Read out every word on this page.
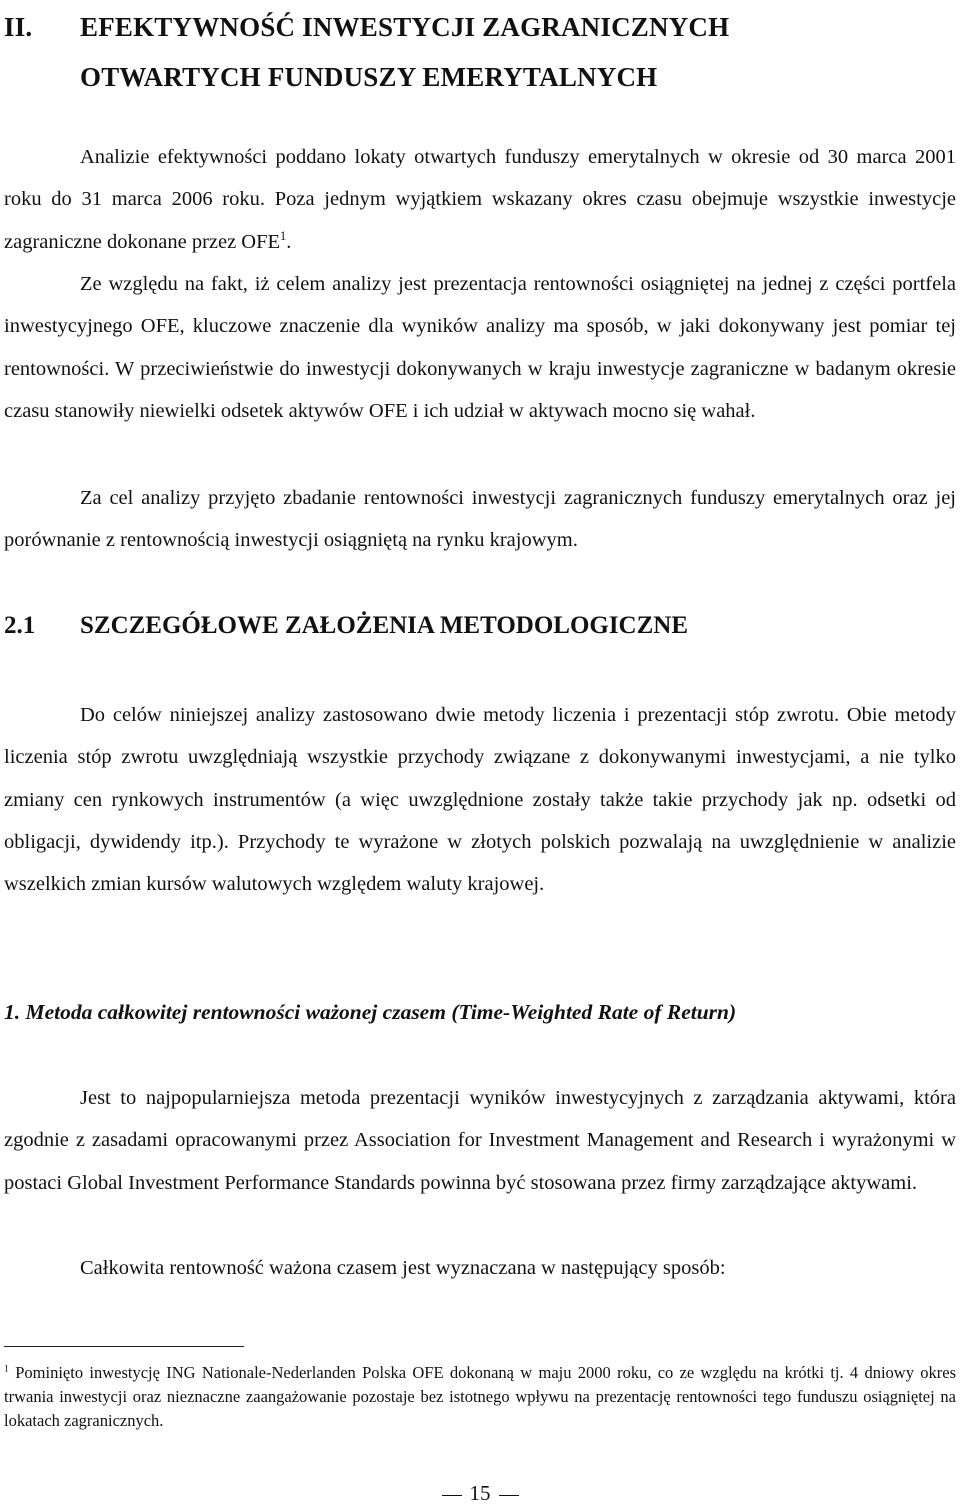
II. EFEKTYWNOŚĆ INWESTYCJI ZAGRANICZNYCH
OTWARTYCH FUNDUSZY EMERYTALNYCH

Analizie efektywności poddano lokaty otwartych funduszy emerytalnych w okresie od 30 marca 2001 roku do 31 marca 2006 roku. Poza jednym wyjątkiem wskazany okres czasu obejmuje wszystkie inwestycje zagraniczne dokonane przez OFE$^1$.

Ze względu na fakt, iż celem analizy jest prezentacja rentowności osiągniętej na jednej z części portfela inwestycyjnego OFE, kluczowe znaczenie dla wyników analizy ma sposób, w jaki dokonywany jest pomiar tej rentowności. W przeciwieństwie do inwestycji dokonywanych w kraju inwestycje zagraniczne w badanym okresie czasu stanowiły niewielki odsetek aktywów OFE i ich udział w aktywach mocno się wahał.

Za cel analizy przyjęto zbadanie rentowności inwestycji zagranicznych funduszy emerytalnych oraz jej porównanie z rentownością inwestycji osiągniętą na rynku krajowym.

2.1 SZCZEGÓŁOWE ZAŁOŻENIA METODOLOGICZNE

Do celów niniejszej analizy zastosowano dwie metody liczenia i prezentacji stóp zwrotu. Obie metody liczenia stóp zwrotu uwzględniają wszystkie przychody związane z dokonywanymi inwestycjami, a nie tylko zmiany cen rynkowych instrumentów (a więc uwzględnione zostały także takie przychody jak np. odsetki od obligacji, dywidendy itp.). Przychody te wyrażone w złotych polskich pozwalają na uwzględnienie w analizie wszelkich zmian kursów walutowych względem waluty krajowej.

1. Metoda całkowitej rentowności ważonej czasem (Time-Weighted Rate of Return)

Jest to najpopularniejsza metoda prezentacji wyników inwestycyjnych z zarządzania aktywami, która zgodnie z zasadami opracowanymi przez Association for Investment Management and Research i wyrażonymi w postaci Global Investment Performance Standards powinna być stosowana przez firmy zarządzające aktywami.

Całkowita rentowność ważona czasem jest wyznaczana w następujący sposób:

$^1$ Pominięto inwestycję ING Nationale-Nederlanden Polska OFE dokonaną w maju 2000 roku, co ze względu na krótki tj. 4 dniowy okres trwania inwestycji oraz nieznaczne zaangażowanie pozostaje bez istotnego wpływu na prezentację rentowności tego funduszu osiągniętej na lokatach zagranicznych.
15
